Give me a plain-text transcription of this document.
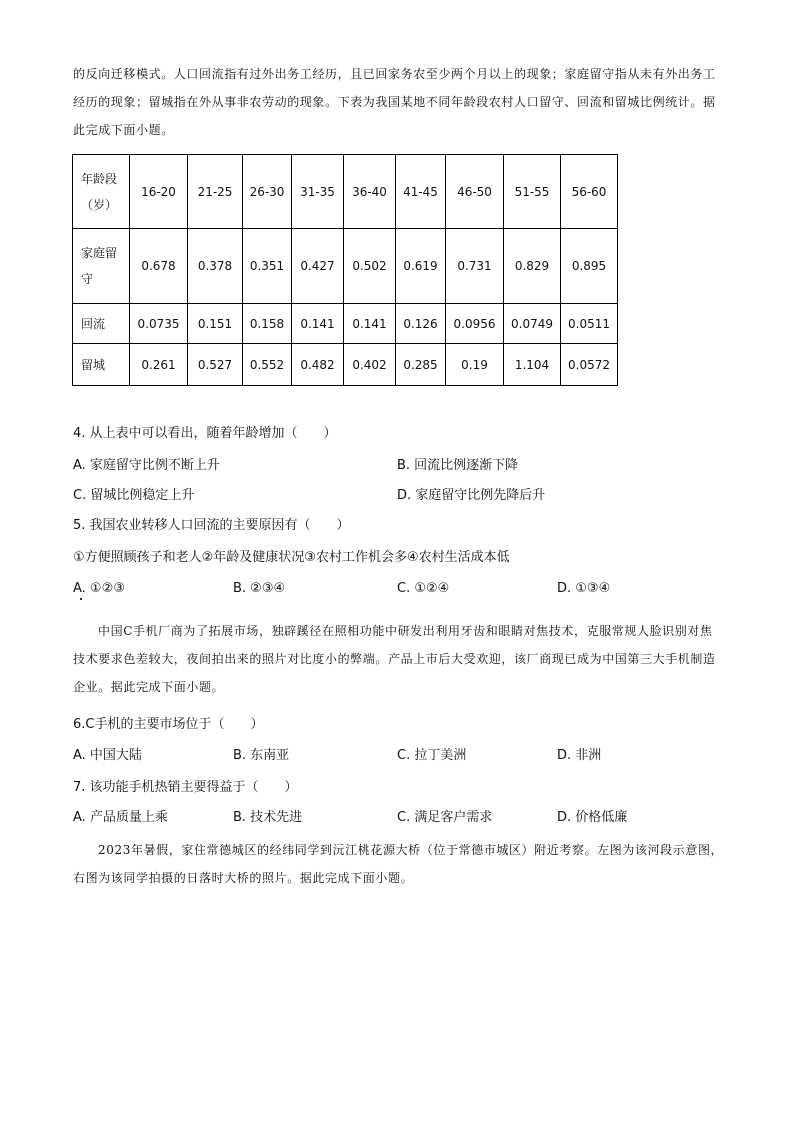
的反向迁移模式。人口回流指有过外出务工经历，且已回家务农至少两个月以上的现象；家庭留守指从未有外出务工经历的现象；留城指在外从事非农劳动的现象。下表为我国某地不同年龄段农村人口留守、回流和留城比例统计。据此完成下面小题。
年龄段（岁）	16-20	21-25	26-30	31-35	36-40	41-45	46-50	51-55	56-60
家庭留守	0.678	0.378	0.351	0.427	0.502	0.619	0.731	0.829	0.895
回流	0.0735	0.151	0.158	0.141	0.141	0.126	0.0956	0.0749	0.0511
留城	0.261	0.527	0.552	0.482	0.402	0.285	0.19	1.104	0.0572
4. 从上表中可以看出，随着年龄增加（　　）
A. 家庭留守比例不断上升	B. 回流比例逐渐下降
C. 留城比例稳定上升	D. 家庭留守比例先降后升
5. 我国农业转移人口回流的主要原因有（　　）
①方便照顾孩子和老人②年龄及健康状况③农村工作机会多④农村生活成本低
A. ①②③	B. ②③④	C. ①②④	D. ①③④
中国C手机厂商为了拓展市场，独辟蹊径在照相功能中研发出利用牙齿和眼睛对焦技术，克服常规人脸识别对焦技术要求色差较大，夜间拍出来的照片对比度小的弊端。产品上市后大受欢迎，该厂商现已成为中国第三大手机制造企业。据此完成下面小题。
6.C手机的主要市场位于（　　）
A. 中国大陆	B. 东南亚	C. 拉丁美洲	D. 非洲
7. 该功能手机热销主要得益于（　　）
A. 产品质量上乘	B. 技术先进	C. 满足客户需求	D. 价格低廉
2023年暑假，家住常德城区的经纬同学到沅江桃花源大桥（位于常德市城区）附近考察。左图为该河段示意图，右图为该同学拍摄的日落时大桥的照片。据此完成下面小题。
